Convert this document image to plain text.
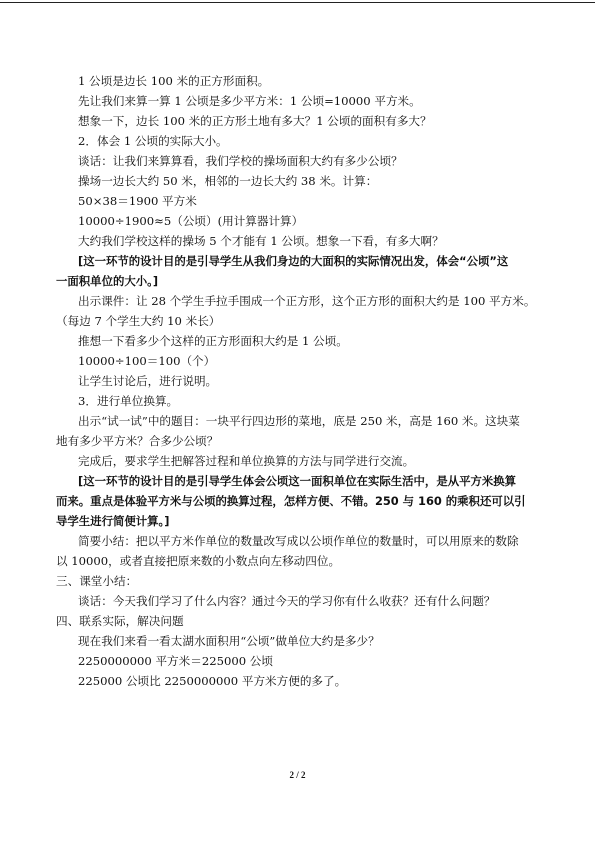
1 公顷是边长 100 米的正方形面积。
先让我们来算一算 1 公顷是多少平方米：1 公顷=10000 平方米。
想象一下，边长 100 米的正方形土地有多大？1 公顷的面积有多大？
2．体会 1 公顷的实际大小。
谈话：让我们来算算看，我们学校的操场面积大约有多少公顷？
操场一边长大约 50 米，相邻的一边长大约 38 米。计算：
50×38＝1900 平方米
10000÷1900≈5（公顷）(用计算器计算）
大约我们学校这样的操场 5 个才能有 1 公顷。想象一下看，有多大啊？
[这一环节的设计目的是引导学生从我们身边的大面积的实际情况出发，体会“公顷”这
一面积单位的大小。]
出示课件：让 28 个学生手拉手围成一个正方形，这个正方形的面积大约是 100 平方米。
（每边 7 个学生大约 10 米长）
推想一下看多少个这样的正方形面积大约是 1 公顷。
10000÷100＝100（个）
让学生讨论后，进行说明。
3．进行单位换算。
出示“试一试”中的题目：一块平行四边形的菜地，底是 250 米，高是 160 米。这块菜
地有多少平方米？合多少公顷？
完成后，要求学生把解答过程和单位换算的方法与同学进行交流。
[这一环节的设计目的是引导学生体会公顷这一面积单位在实际生活中，是从平方米换算
而来。重点是体验平方米与公顷的换算过程，怎样方便、不错。250 与 160 的乘积还可以引
导学生进行简便计算。]
简要小结：把以平方米作单位的数量改写成以公顷作单位的数量时，可以用原来的数除
以 10000，或者直接把原来数的小数点向左移动四位。
三、课堂小结：
谈话：今天我们学习了什么内容？通过今天的学习你有什么收获？还有什么问题？
四、联系实际，解决问题
现在我们来看一看太湖水面积用“公顷”做单位大约是多少？
2250000000 平方米＝225000 公顷
225000 公顷比 2250000000 平方米方便的多了。
2 / 2
